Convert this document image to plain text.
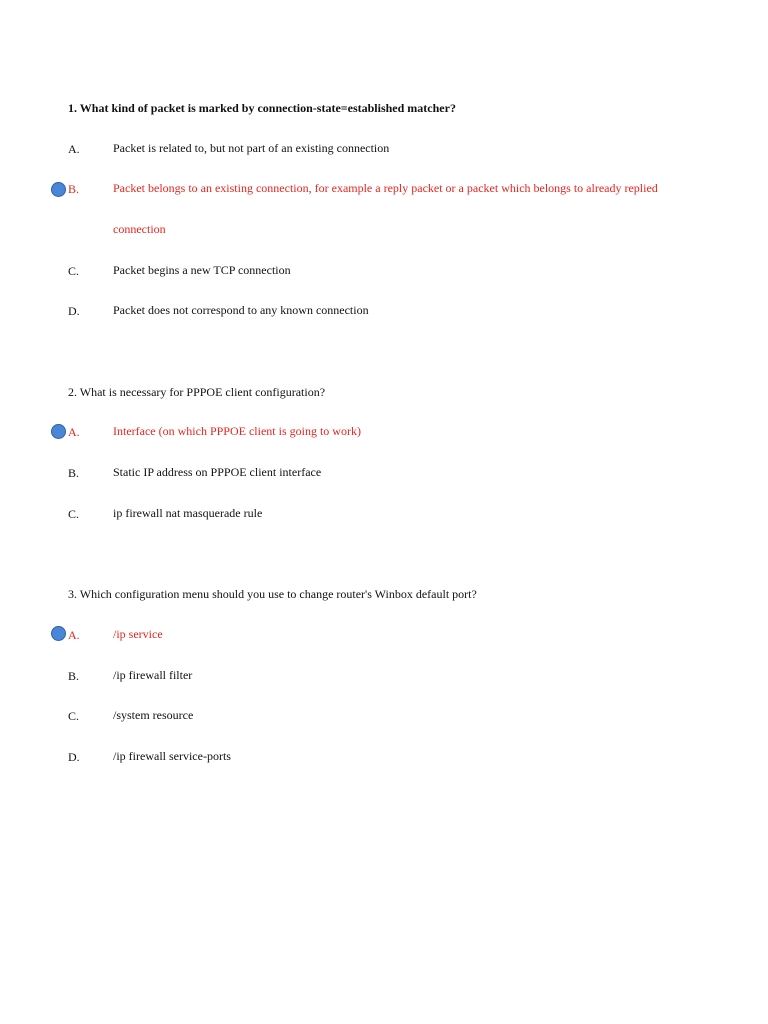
1. What kind of packet is marked by connection-state=established matcher?
A.	Packet is related to, but not part of an existing connection
B.	Packet belongs to an existing connection, for example a reply packet or a packet which belongs to already replied connection
C.	Packet begins a new TCP connection
D.	Packet does not correspond to any known connection
2. What is necessary for PPPOE client configuration?
A.	Interface (on which PPPOE client is going to work)
B.	Static IP address on PPPOE client interface
C.	ip firewall nat masquerade rule
3. Which configuration menu should you use to change router's Winbox default port?
A.	/ip service
B.	/ip firewall filter
C.	/system resource
D.	/ip firewall service-ports
